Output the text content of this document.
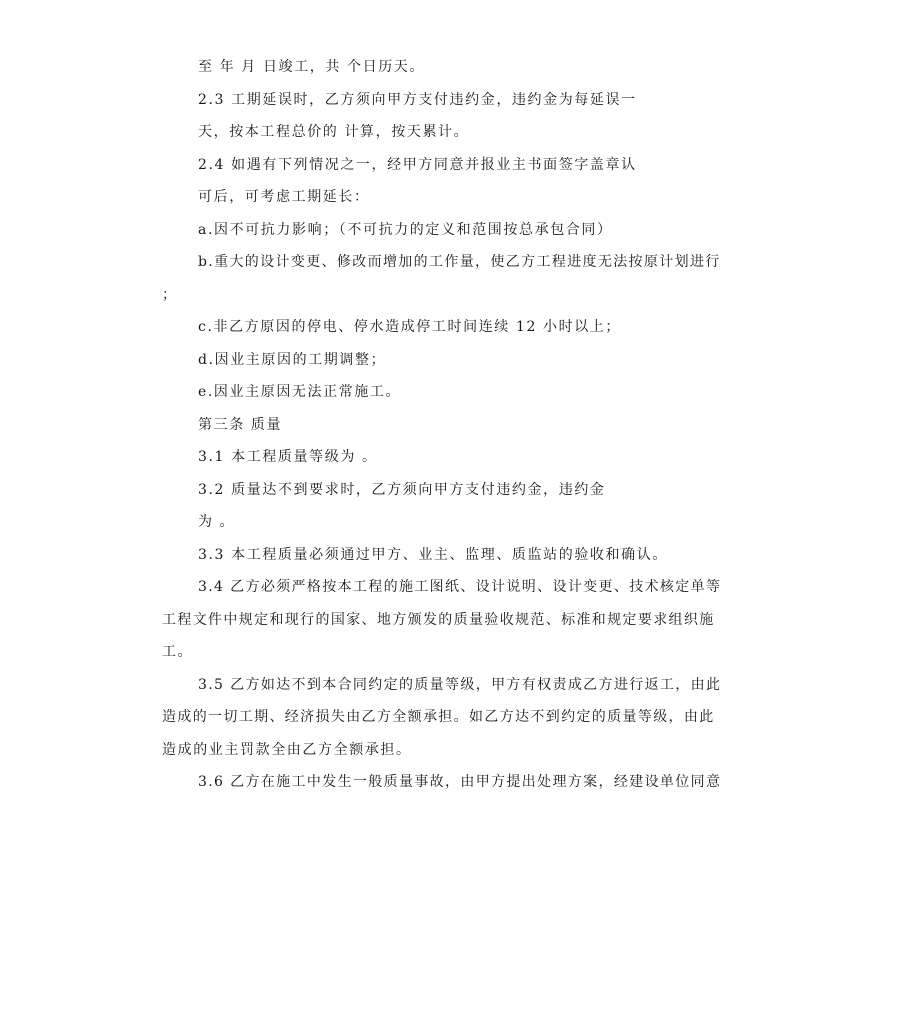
至 年 月 日竣工，共 个日历天。
2.3 工期延误时，乙方须向甲方支付违约金，违约金为每延误一
天，按本工程总价的 计算，按天累计。
2.4 如遇有下列情况之一，经甲方同意并报业主书面签字盖章认
可后，可考虑工期延长：
a.因不可抗力影响；（不可抗力的定义和范围按总承包合同）
b.重大的设计变更、修改而增加的工作量，使乙方工程进度无法按原计划进行
；
c.非乙方原因的停电、停水造成停工时间连续 12 小时以上；
d.因业主原因的工期调整；
e.因业主原因无法正常施工。
第三条 质量
3.1 本工程质量等级为 。
3.2 质量达不到要求时，乙方须向甲方支付违约金，违约金
为 。
3.3 本工程质量必须通过甲方、业主、监理、质监站的验收和确认。
3.4 乙方必须严格按本工程的施工图纸、设计说明、设计变更、技术核定单等
工程文件中规定和现行的国家、地方颁发的质量验收规范、标准和规定要求组织施
工。
3.5 乙方如达不到本合同约定的质量等级，甲方有权责成乙方进行返工，由此
造成的一切工期、经济损失由乙方全额承担。如乙方达不到约定的质量等级，由此
造成的业主罚款全由乙方全额承担。
3.6 乙方在施工中发生一般质量事故，由甲方提出处理方案，经建设单位同意
